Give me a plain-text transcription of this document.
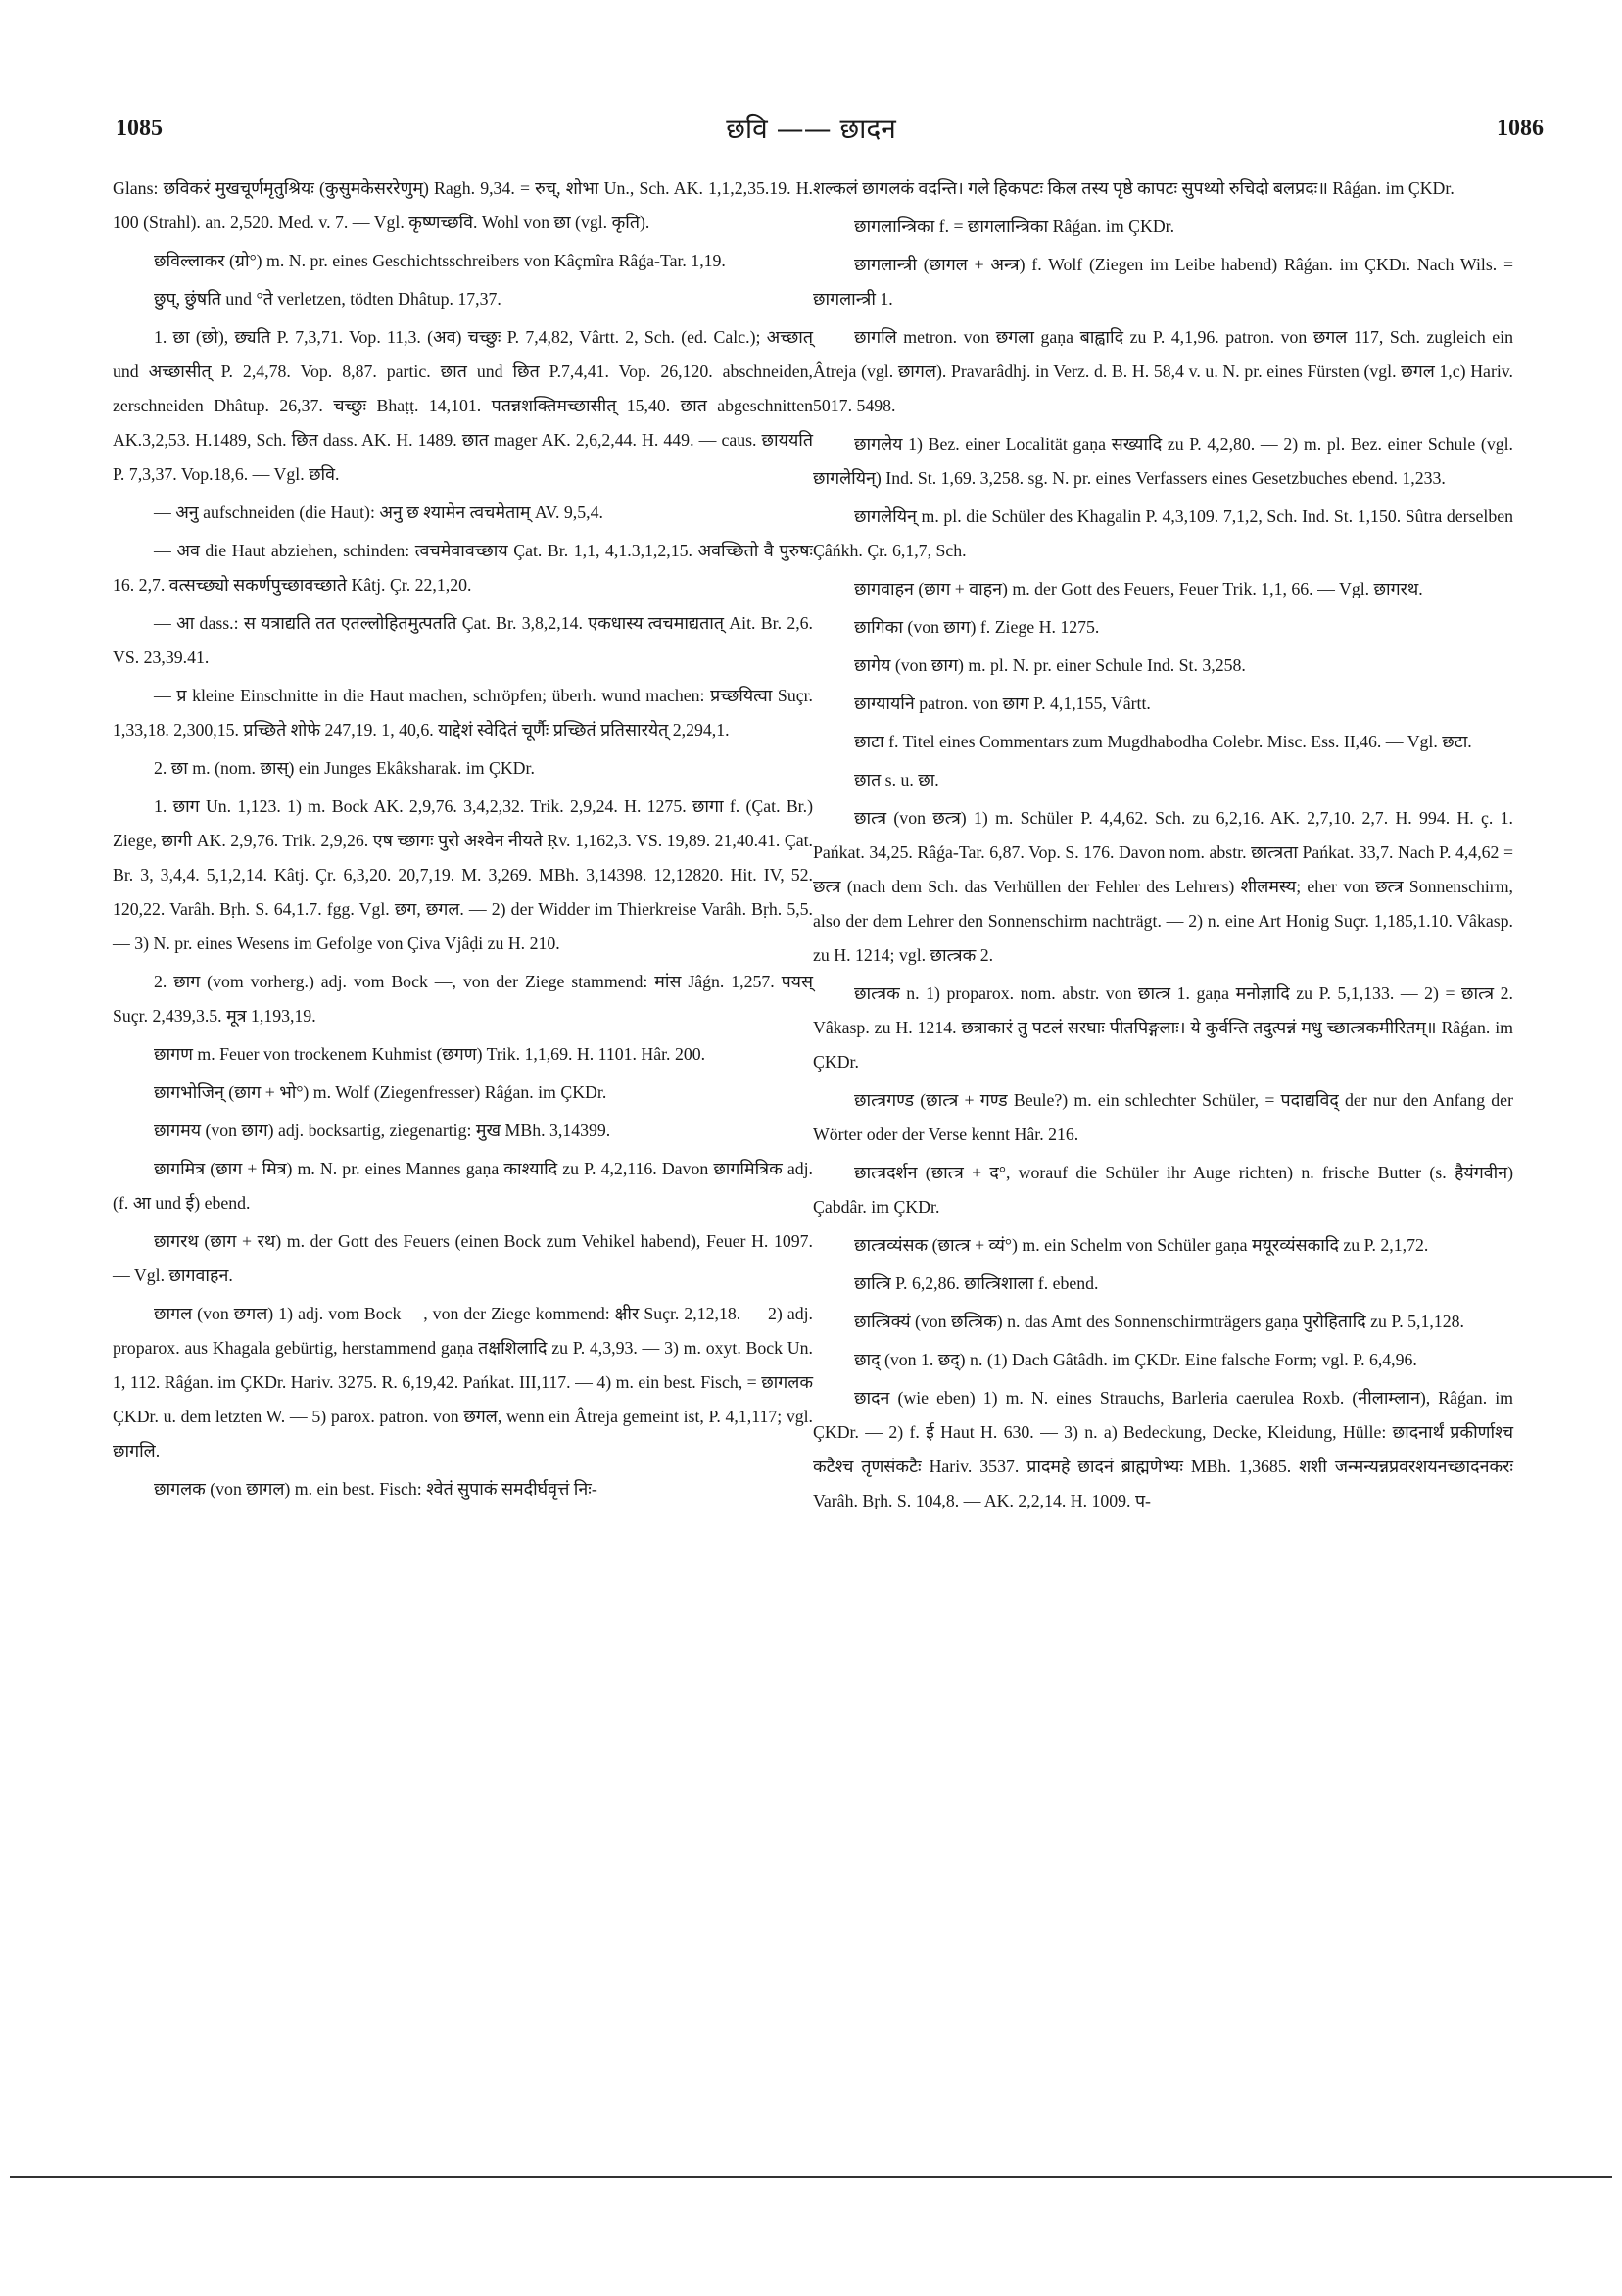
1085	छवि —— छादन	1086

Glans: छविकरं मुखचूर्णमृतुश्रियः (कुसुमकेसररेणुम्) Ragh. 9,34. = रुच्, शोभा Un., Sch. AK. 1,1,2,35.19. H. 100 (Strahl). an. 2,520. Med. v. 7. — Vgl. कृष्णच्छवि. Wohl von छा (vgl. कृति).

छविल्लाकर (ग्रो°) m. N. pr. eines Geschichtsschreibers von Kâçmîra Râǵa-Tar. 1,19.

छुप्, छुंषति und °ते verletzen, tödten Dhâtup. 17,37.

1. छा (छो), छ्यति P. 7,3,71. Vop. 11,3. (अव) चच्छुः P. 7,4,82, Vârtt. 2, Sch. (ed. Calc.); अच्छात् und अच्छासीत् P. 2,4,78. Vop. 8,87. partic. छात und छित P.7,4,41. Vop. 26,120. abschneiden, zerschneiden Dhâtup. 26,37. चच्छुः Bhaṭṭ. 14,101. पतन्नशक्तिमच्छासीत् 15,40. छात abgeschnitten AK.3,2,53. H.1489, Sch. छित dass. AK. H. 1489. छात mager AK. 2,6,2,44. H. 449. — caus. छाययति P. 7,3,37. Vop.18,6. — Vgl. छवि.

— अनु aufschneiden (die Haut): अनु छ श्यामेन त्वचमेताम् AV. 9,5,4.

— अव die Haut abziehen, schinden: त्वचमेवावच्छाय Çat. Br. 1,1, 4,1.3,1,2,15. अवच्छितो वै पुरुषः 16. 2,7. वत्सच्छ्यो सकर्णपुच्छावच्छाते Kâtj. Çr. 22,1,20.

— आ dass.: स यत्राद्यति तत एतल्लोहितमुत्पतति Çat. Br. 3,8,2,14. एकधास्य त्वचमाद्यतात् Ait. Br. 2,6. VS. 23,39.41.

— प्र kleine Einschnitte in die Haut machen, schröpfen; überh. wund machen: प्रच्छयित्वा Suçr. 1,33,18. 2,300,15. प्रच्छिते शोफे 247,19. 1, 40,6. याद्देशं स्वेदितं चूर्णैः प्रच्छितं प्रतिसारयेत् 2,294,1.

2. छा m. (nom. छास्) ein Junges Ekâksharak. im ÇKDr.

1. छाग Un. 1,123. 1) m. Bock AK. 2,9,76. 3,4,2,32. Trik. 2,9,24. H. 1275. छागा f. (Çat. Br.) Ziege, छागी AK. 2,9,76. Trik. 2,9,26. एष च्छागः पुरो अश्वेन नीयते Ṛv. 1,162,3. VS. 19,89. 21,40.41. Çat. Br. 3, 3,4,4. 5,1,2,14. Kâtj. Çr. 6,3,20. 20,7,19. M. 3,269. MBh. 3,14398. 12,12820. Hit. IV, 52. 120,22. Varâh. Bṛh. S. 64,1.7. fgg. Vgl. छग, छगल. — 2) der Widder im Thierkreise Varâh. Bṛh. 5,5. — 3) N. pr. eines Wesens im Gefolge von Çiva Vjâḍi zu H. 210.

2. छाग (vom vorherg.) adj. vom Bock —, von der Ziege stammend: मांस Jâǵn. 1,257. पयस् Suçr. 2,439,3.5. मूत्र 1,193,19.

छागण m. Feuer von trockenem Kuhmist (छगण) Trik. 1,1,69. H. 1101. Hâr. 200.

छागभोजिन् (छाग + भो°) m. Wolf (Ziegenfresser) Râǵan. im ÇKDr.

छागमय (von छाग) adj. bocksartig, ziegenartig: मुख MBh. 3,14399.

छागमित्र (छाग + मित्र) m. N. pr. eines Mannes gaṇa काश्यादि zu P. 4,2,116. Davon छागमित्रिक adj. (f. आ und ई) ebend.

छागरथ (छाग + रथ) m. der Gott des Feuers (einen Bock zum Vehikel habend), Feuer H. 1097. — Vgl. छागवाहन.

छागल (von छगल) 1) adj. vom Bock —, von der Ziege kommend: क्षीर Suçr. 2,12,18. — 2) adj. proparox. aus Khagala gebürtig, herstammend gaṇa तक्षशिलादि zu P. 4,3,93. — 3) m. oxyt. Bock Un. 1, 112. Râǵan. im ÇKDr. Hariv. 3275. R. 6,19,42. Pańkat. III,117. — 4) m. ein best. Fisch, = छागलक ÇKDr. u. dem letzten W. — 5) parox. patron. von छगल, wenn ein Âtreja gemeint ist, P. 4,1,117; vgl. छागलि.

छागलक (von छागल) m. ein best. Fisch: श्वेतं सुपाकं समदीर्घवृत्तं निः-

शल्कलं छागलकं वदन्ति। गले हिकपटः किल तस्य पृष्ठे कापटः सुपथ्यो रुचिदो बलप्रदः॥ Râǵan. im ÇKDr.

छागलान्त्रिका f. = छागलान्त्रिका Râǵan. im ÇKDr.

छागलान्त्री (छागल + अन्त्र) f. Wolf (Ziegen im Leibe habend) Râǵan. im ÇKDr. Nach Wils. = छागलान्त्री 1.

छागलि metron. von छगला gaṇa बाह्वादि zu P. 4,1,96. patron. von छगल 117, Sch. zugleich ein Âtreja (vgl. छागल). Pravarâdhj. in Verz. d. B. H. 58,4 v. u. N. pr. eines Fürsten (vgl. छगल 1,c) Hariv. 5017. 5498.

छागलेय 1) Bez. einer Localität gaṇa सख्यादि zu P. 4,2,80. — 2) m. pl. Bez. einer Schule (vgl. छागलेयिन्) Ind. St. 1,69. 3,258. sg. N. pr. eines Verfassers eines Gesetzbuches ebend. 1,233.

छागलेयिन् m. pl. die Schüler des Khagalin P. 4,3,109. 7,1,2, Sch. Ind. St. 1,150. Sûtra derselben Çâńkh. Çr. 6,1,7, Sch.

छागवाहन (छाग + वाहन) m. der Gott des Feuers, Feuer Trik. 1,1, 66. — Vgl. छागरथ.

छागिका (von छाग) f. Ziege H. 1275.

छागेय (von छाग) m. pl. N. pr. einer Schule Ind. St. 3,258.

छाग्यायनि patron. von छाग P. 4,1,155, Vârtt.

छाटा f. Titel eines Commentars zum Mugdhabodha Colebr. Misc. Ess. II,46. — Vgl. छटा.

छात s. u. छा.

छात्त्र (von छत्त्र) 1) m. Schüler P. 4,4,62. Sch. zu 6,2,16. AK. 2,7,10. 2,7. H. 994. H. ç. 1. Pańkat. 34,25. Râǵa-Tar. 6,87. Vop. S. 176. Davon nom. abstr. छात्त्रता Pańkat. 33,7. Nach P. 4,4,62 = छत्त्र (nach dem Sch. das Verhüllen der Fehler des Lehrers) शीलमस्य; eher von छत्त्र Sonnenschirm, also der dem Lehrer den Sonnenschirm nachträgt. — 2) n. eine Art Honig Suçr. 1,185,1.10. Vâkasp. zu H. 1214; vgl. छात्त्रक 2.

छात्त्रक n. 1) proparox. nom. abstr. von छात्त्र 1. gaṇa मनोज्ञादि zu P. 5,1,133. — 2) = छात्त्र 2. Vâkasp. zu H. 1214. छत्राकारं तु पटलं सरघाः पीतपिङ्गलाः। ये कुर्वन्ति तदुत्पन्नं मधु च्छात्त्रकमीरितम्॥ Râǵan. im ÇKDr.

छात्त्रगण्ड (छात्त्र + गण्ड Beule?) m. ein schlechter Schüler, = पदाद्यविद् der nur den Anfang der Wörter oder der Verse kennt Hâr. 216.

छात्त्रदर्शन (छात्त्र + द°, worauf die Schüler ihr Auge richten) n. frische Butter (s. हैयंगवीन) Çabdâr. im ÇKDr.

छात्त्रव्यंसक (छात्त्र + व्यं°) m. ein Schelm von Schüler gaṇa मयूरव्यंसकादि zu P. 2,1,72.

छात्त्रि P. 6,2,86. छात्त्रिशाला f. ebend.

छात्त्रिक्यं (von छत्त्रिक) n. das Amt des Sonnenschirmträgers gaṇa पुरोहितादि zu P. 5,1,128.

छाद् (von 1. छद्) n. (1) Dach Gâtâdh. im ÇKDr. Eine falsche Form; vgl. P. 6,4,96.

छादन (wie eben) 1) m. N. eines Strauchs, Barleria caerulea Roxb. (नीलाम्लान), Râǵan. im ÇKDr. — 2) f. ई Haut H. 630. — 3) n. a) Bedeckung, Decke, Kleidung, Hülle: छादनार्थं प्रकीर्णाश्च कटैश्च तृणसंकटैः Hariv. 3537. प्रादमहे छादनं ब्राह्मणेभ्यः MBh. 1,3685. शशी जन्मन्यन्नप्रवरशयनच्छादनकरः Varâh. Bṛh. S. 104,8. — AK. 2,2,14. H. 1009. प-
